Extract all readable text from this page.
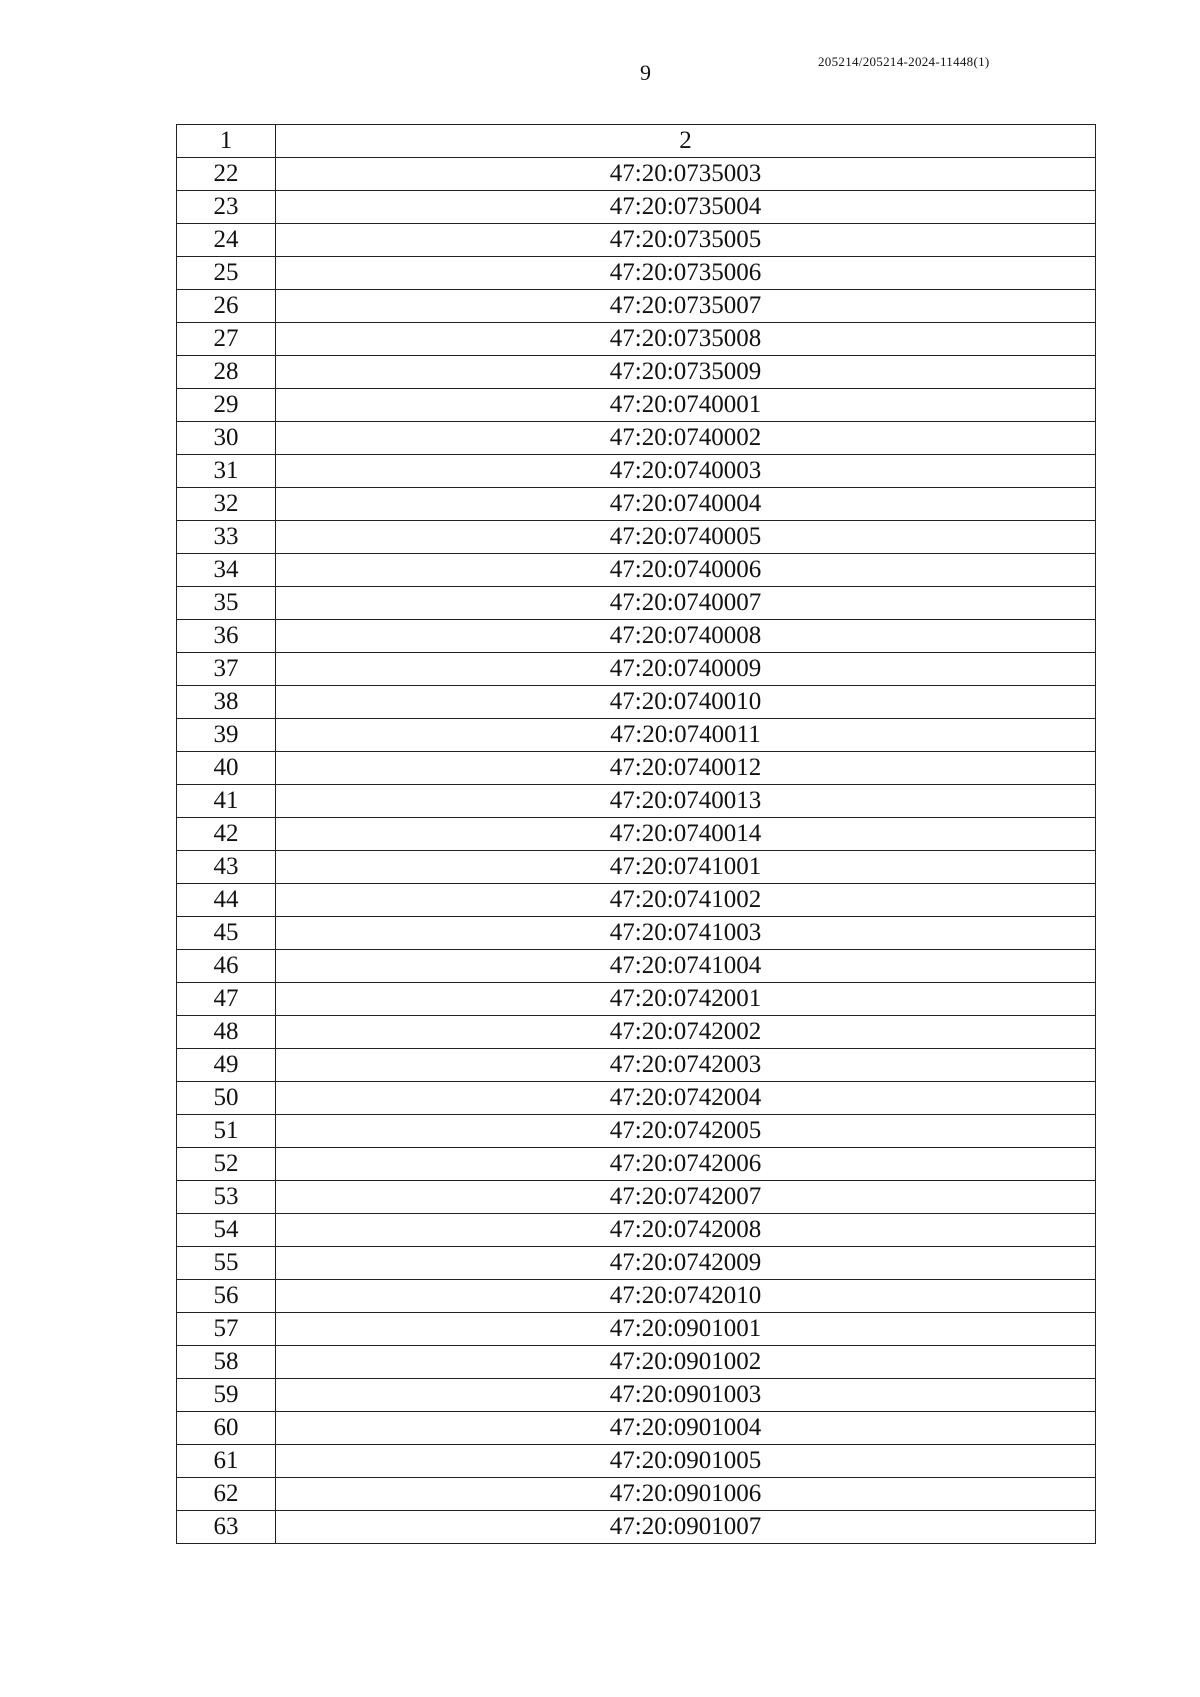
9	205214/205214-2024-11448(1)
1	2
22	47:20:0735003
23	47:20:0735004
24	47:20:0735005
25	47:20:0735006
26	47:20:0735007
27	47:20:0735008
28	47:20:0735009
29	47:20:0740001
30	47:20:0740002
31	47:20:0740003
32	47:20:0740004
33	47:20:0740005
34	47:20:0740006
35	47:20:0740007
36	47:20:0740008
37	47:20:0740009
38	47:20:0740010
39	47:20:0740011
40	47:20:0740012
41	47:20:0740013
42	47:20:0740014
43	47:20:0741001
44	47:20:0741002
45	47:20:0741003
46	47:20:0741004
47	47:20:0742001
48	47:20:0742002
49	47:20:0742003
50	47:20:0742004
51	47:20:0742005
52	47:20:0742006
53	47:20:0742007
54	47:20:0742008
55	47:20:0742009
56	47:20:0742010
57	47:20:0901001
58	47:20:0901002
59	47:20:0901003
60	47:20:0901004
61	47:20:0901005
62	47:20:0901006
63	47:20:0901007
